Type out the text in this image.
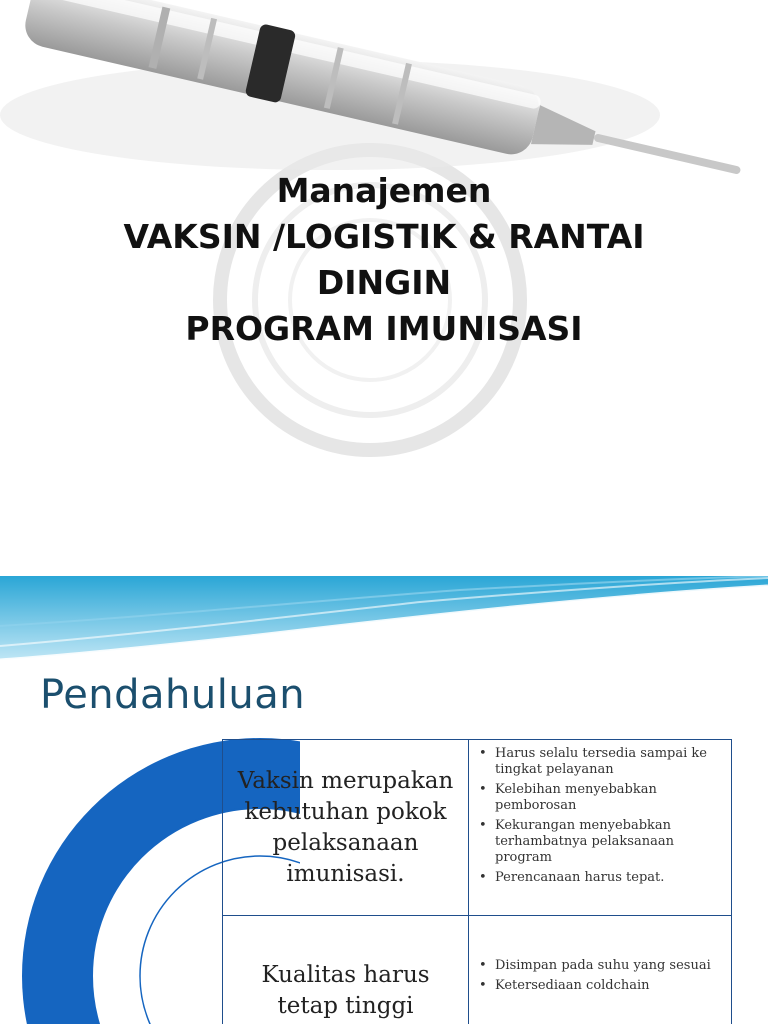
Manajemen
VAKSIN /LOGISTIK & RANTAI
DINGIN
PROGRAM IMUNISASI
Pendahuluan
Vaksin merupakan kebutuhan pokok pelaksanaan imunisasi.
• Harus selalu tersedia sampai ke tingkat pelayanan
• Kelebihan menyebabkan pemborosan
• Kekurangan menyebabkan terhambatnya pelaksanaan program
• Perencanaan harus tepat.
Kualitas harus tetap tinggi
• Disimpan pada suhu yang sesuai
• Ketersediaan coldchain
